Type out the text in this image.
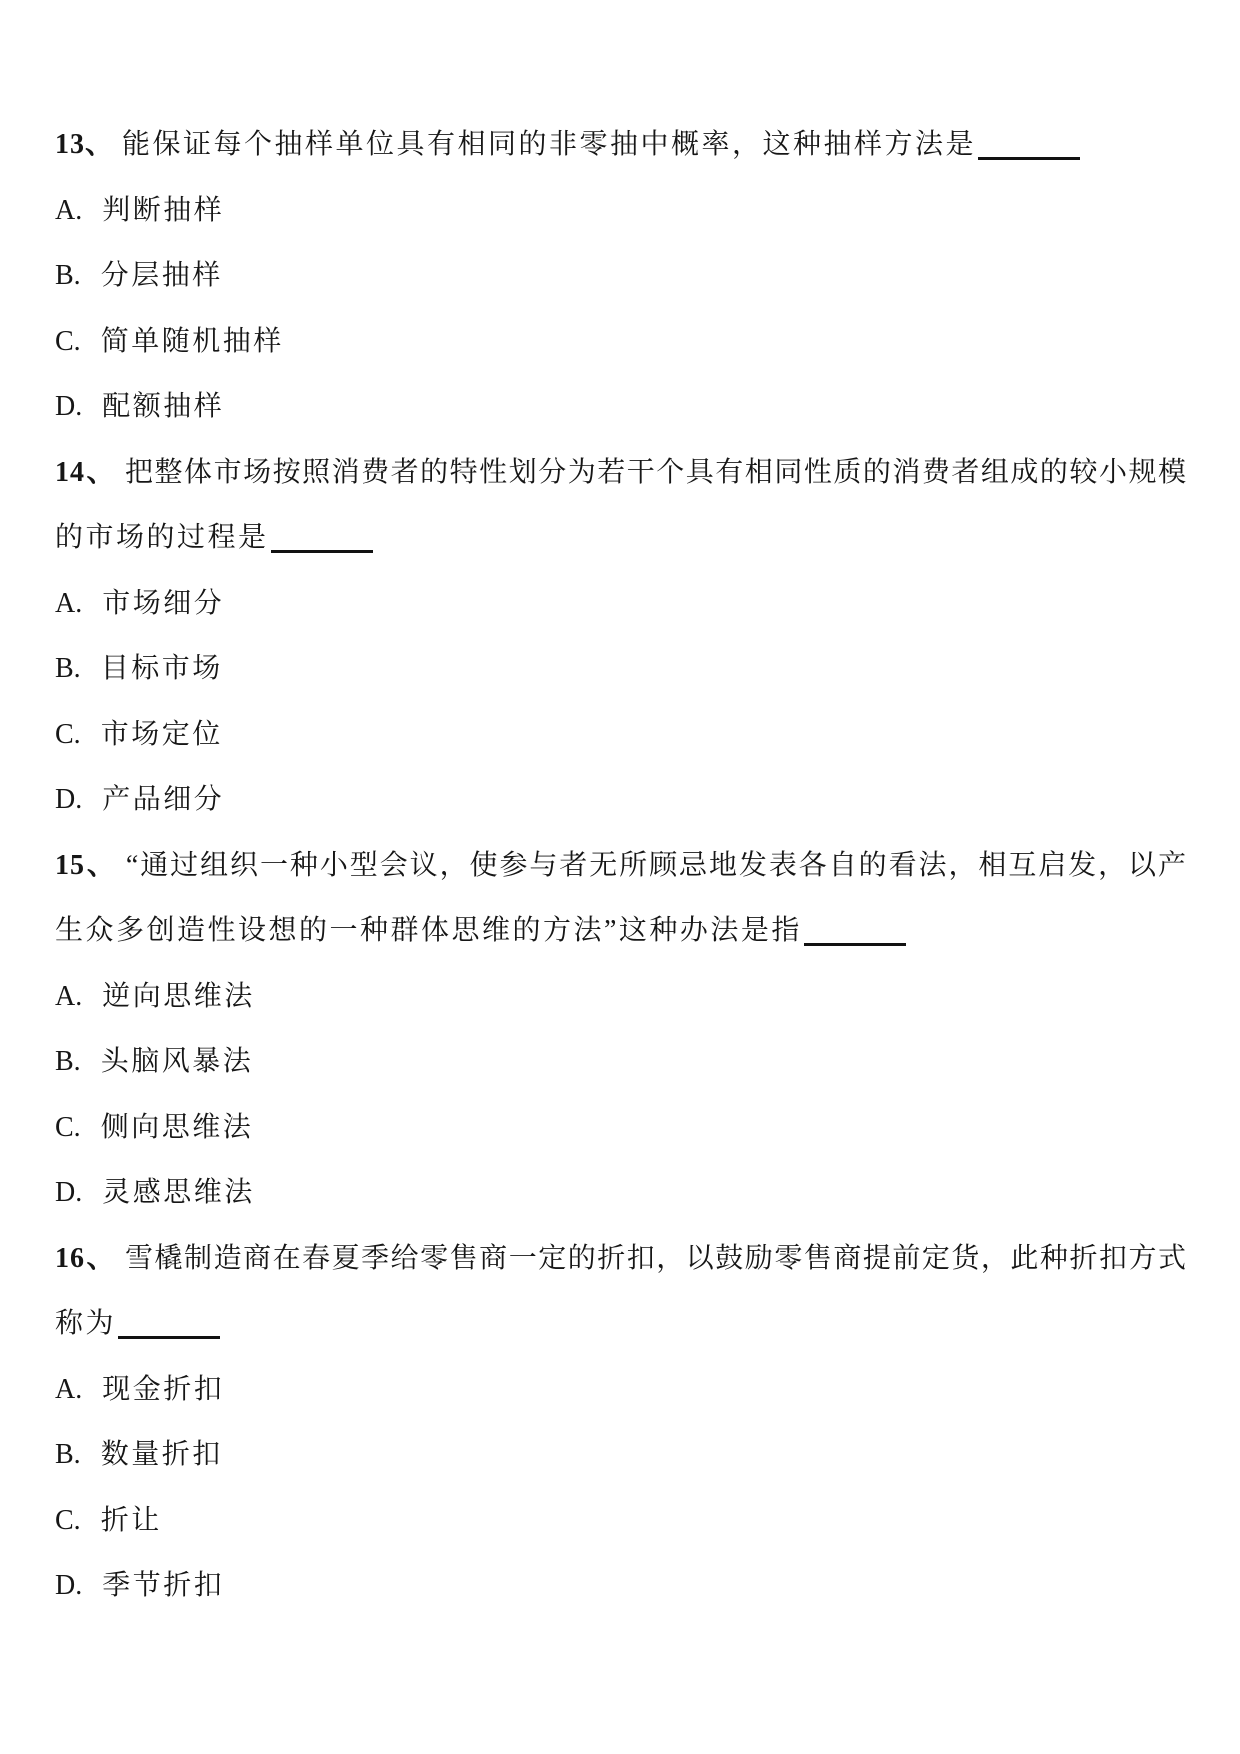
13、 能保证每个抽样单位具有相同的非零抽中概率，这种抽样方法是
A. 判断抽样
B. 分层抽样
C. 简单随机抽样
D. 配额抽样
14、 把整体市场按照消费者的特性划分为若干个具有相同性质的消费者组成的较小规模
的市场的过程是
A. 市场细分
B. 目标市场
C. 市场定位
D. 产品细分
15、 “通过组织一种小型会议，使参与者无所顾忌地发表各自的看法，相互启发，以产
生众多创造性设想的一种群体思维的方法”这种办法是指
A. 逆向思维法
B. 头脑风暴法
C. 侧向思维法
D. 灵感思维法
16、 雪橇制造商在春夏季给零售商一定的折扣，以鼓励零售商提前定货，此种折扣方式
称为
A. 现金折扣
B. 数量折扣
C. 折让
D. 季节折扣
